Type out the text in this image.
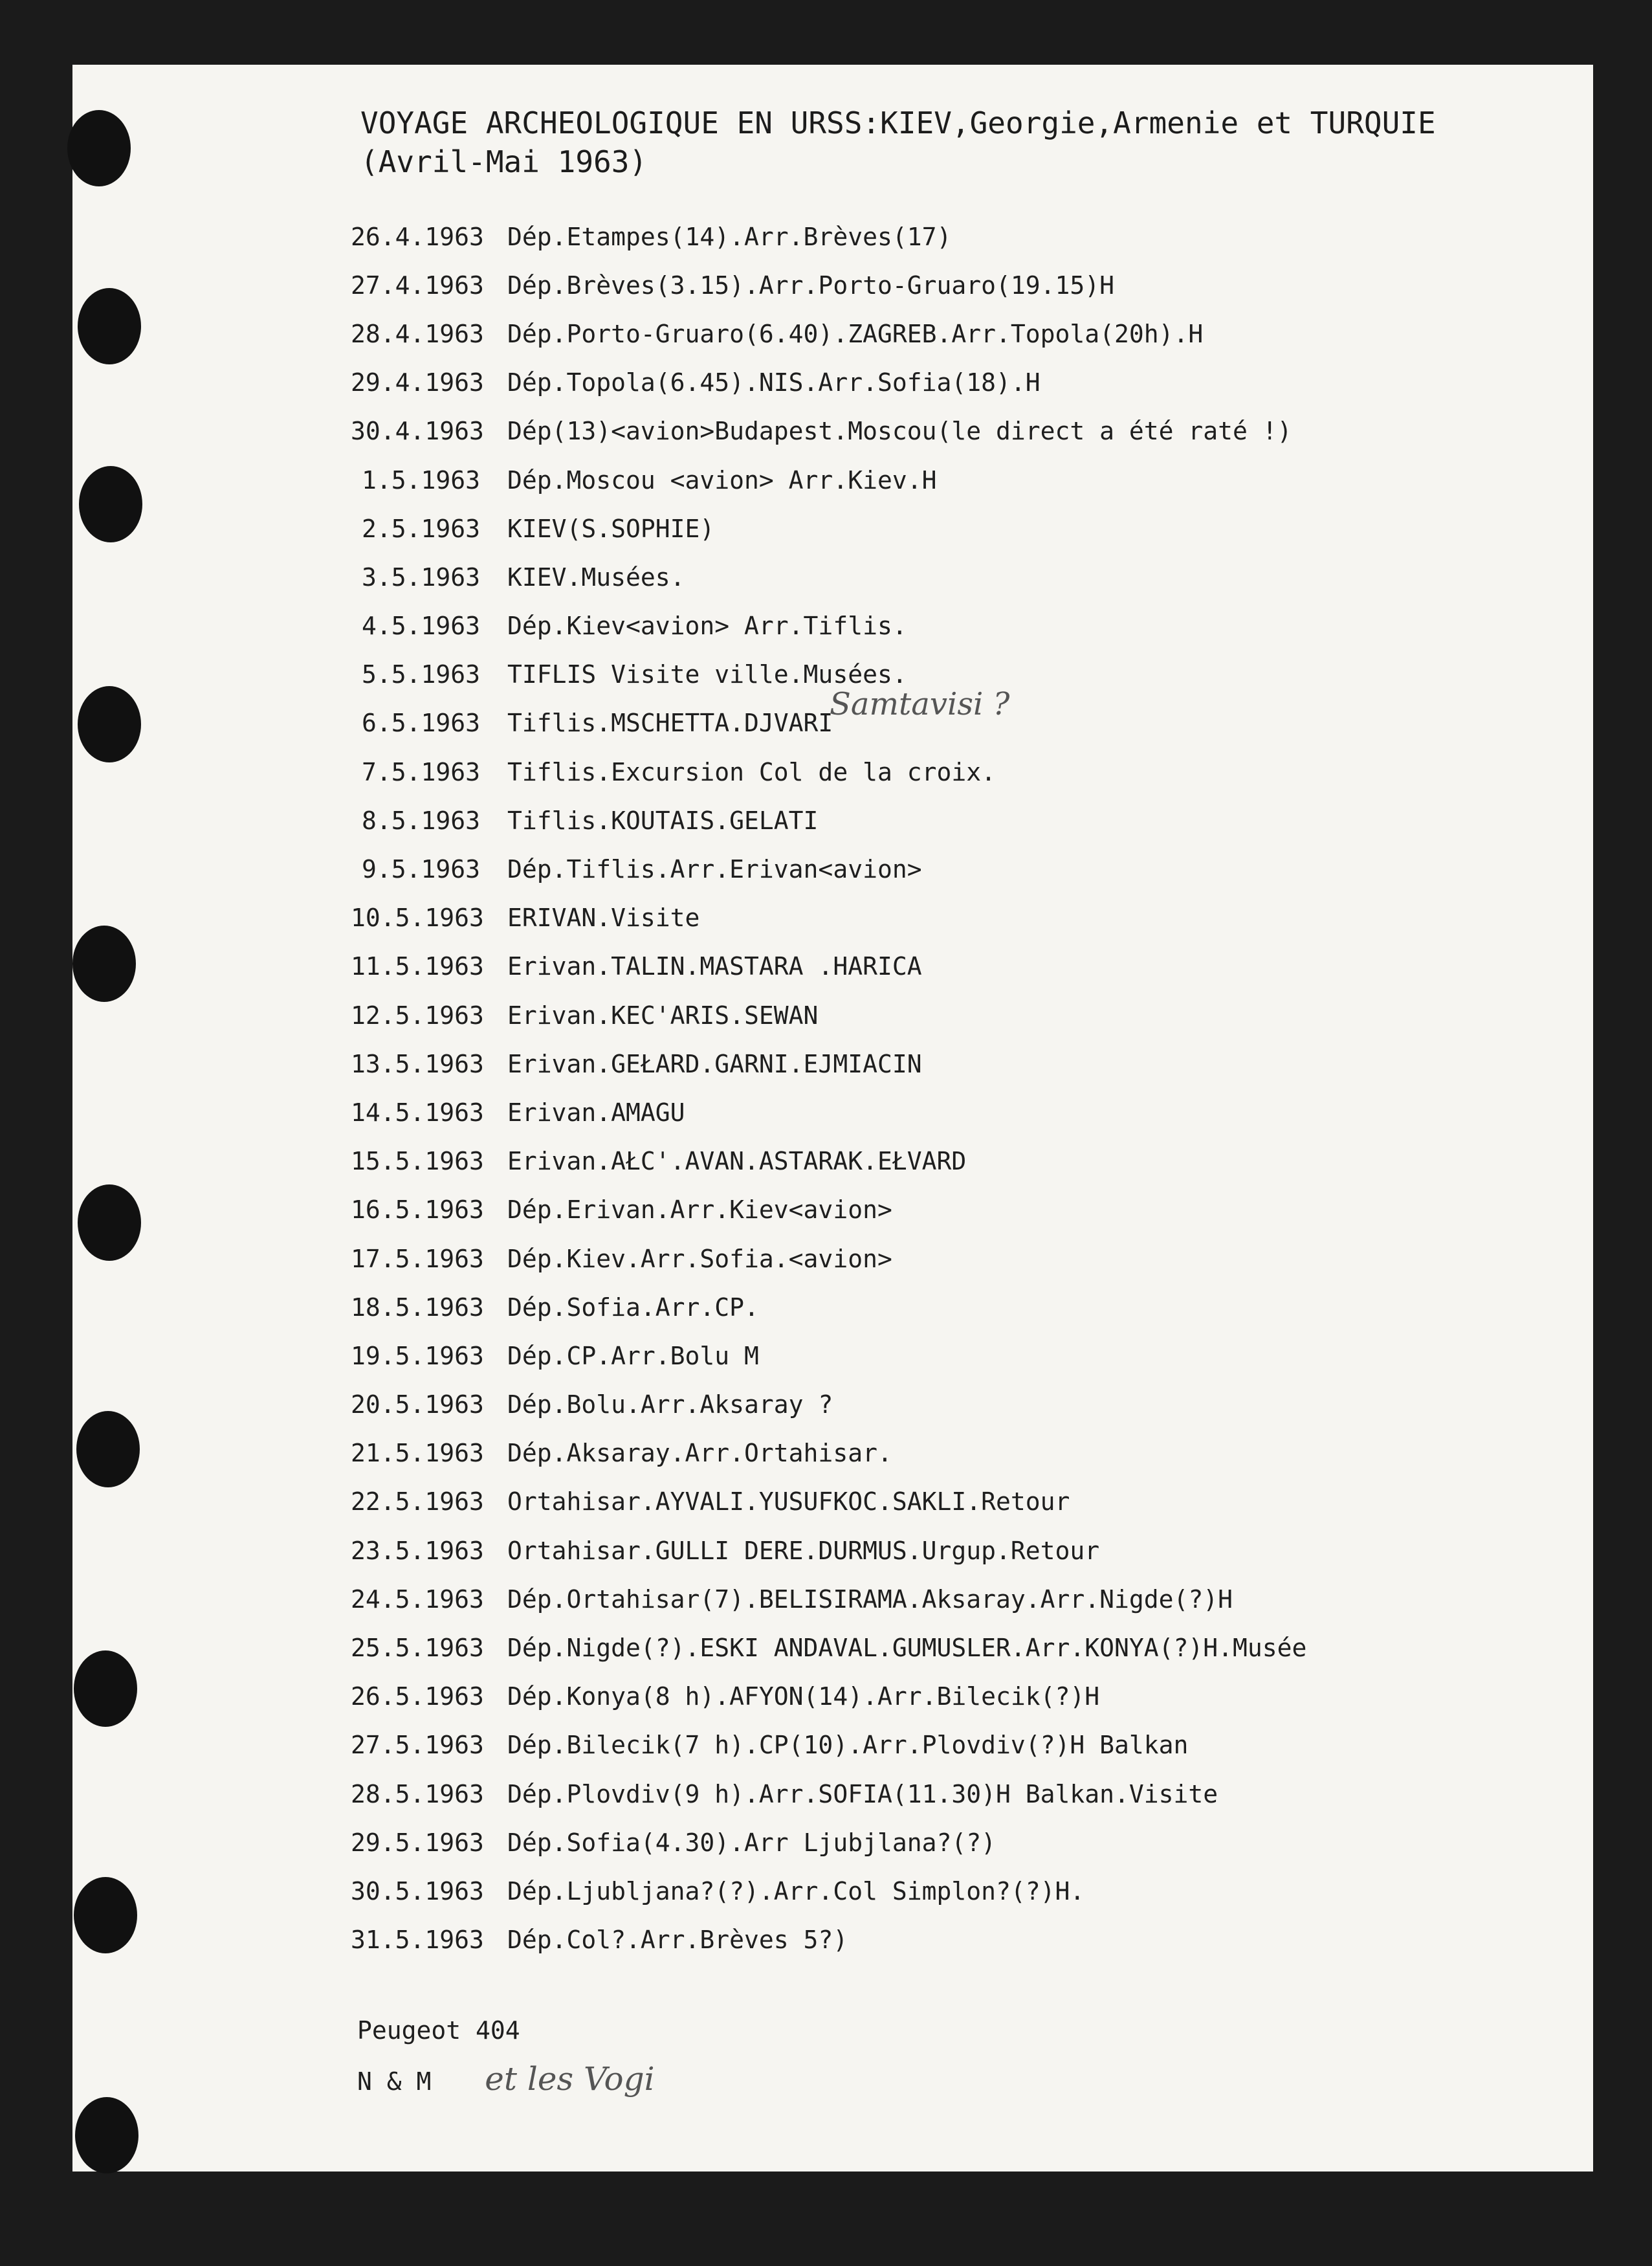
VOYAGE ARCHEOLOGIQUE EN URSS:KIEV,Georgie,Armenie et TURQUIE
(Avril-Mai 1963)
26.4.1963 Dép.Etampes(14).Arr.Brèves(17)
27.4.1963 Dép.Brèves(3.15).Arr.Porto-Gruaro(19.15)H
28.4.1963 Dép.Porto-Gruaro(6.40).ZAGREB.Arr.Topola(20h).H
29.4.1963 Dép.Topola(6.45).NIS.Arr.Sofia(18).H
30.4.1963 Dép(13)<avion>Budapest.Moscou(le direct a été raté !)
1.5.1963 Dép.Moscou <avion> Arr.Kiev.H
2.5.1963 KIEV(S.SOPHIE)
3.5.1963 KIEV.Musées.
4.5.1963 Dép.Kiev<avion> Arr.Tiflis.
5.5.1963 TIFLIS Visite ville.Musées.
6.5.1963 Tiflis.MSCHETTA.DJVARI
7.5.1963 Tiflis.Excursion Col de la croix.
8.5.1963 Tiflis.KOUTAIS.GELATI
9.5.1963 Dép.Tiflis.Arr.Erivan<avion>
10.5.1963 ERIVAN.Visite
11.5.1963 Erivan.TALIN.MASTARA .HARICA
12.5.1963 Erivan.KEC'ARIS.SEWAN
13.5.1963 Erivan.GEŁARD.GARNI.EJMIACIN
14.5.1963 Erivan.AMAGU
15.5.1963 Erivan.AŁC'.AVAN.ASTARAK.EŁVARD
16.5.1963 Dép.Erivan.Arr.Kiev<avion>
17.5.1963 Dép.Kiev.Arr.Sofia.<avion>
18.5.1963 Dép.Sofia.Arr.CP.
19.5.1963 Dép.CP.Arr.Bolu M
20.5.1963 Dép.Bolu.Arr.Aksaray ?
21.5.1963 Dép.Aksaray.Arr.Ortahisar.
22.5.1963 Ortahisar.AYVALI.YUSUFKOC.SAKLI.Retour
23.5.1963 Ortahisar.GULLI DERE.DURMUS.Urgup.Retour
24.5.1963 Dép.Ortahisar(7).BELISIRAMA.Aksaray.Arr.Nigde(?)H
25.5.1963 Dép.Nigde(?).ESKI ANDAVAL.GUMUSLER.Arr.KONYA(?)H.Musée
26.5.1963 Dép.Konya(8 h).AFYON(14).Arr.Bilecik(?)H
27.5.1963 Dép.Bilecik(7 h).CP(10).Arr.Plovdiv(?)H Balkan
28.5.1963 Dép.Plovdiv(9 h).Arr.SOFIA(11.30)H Balkan.Visite
29.5.1963 Dép.Sofia(4.30).Arr Ljubjlana?(?)
30.5.1963 Dép.Ljubljana?(?).Arr.Col Simplon?(?)H.
31.5.1963 Dép.Col?.Arr.Brèves 5?)
Samtavisi ?
Peugeot 404
N & M et les Vogi
